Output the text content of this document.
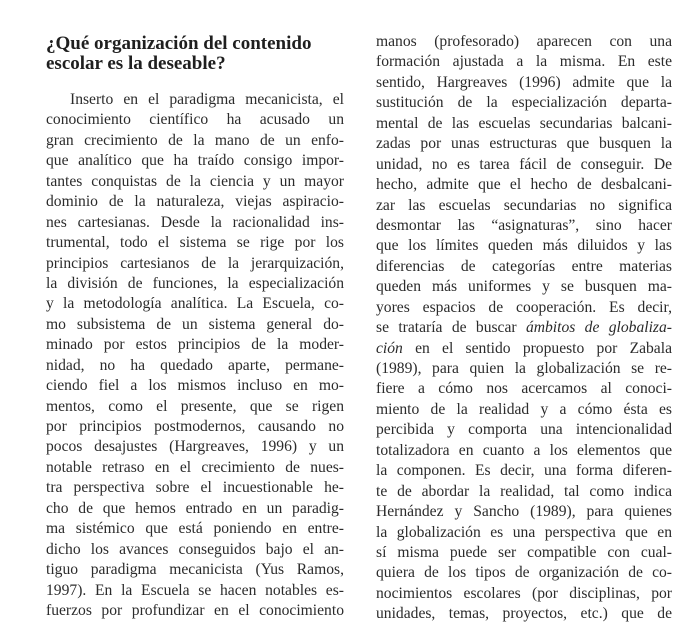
¿Qué organización del contenido
escolar es la deseable?
Inserto en el paradigma mecanicista, el
conocimiento científico ha acusado un
gran crecimiento de la mano de un enfo-
que analítico que ha traído consigo impor-
tantes conquistas de la ciencia y un mayor
dominio de la naturaleza, viejas aspiracio-
nes cartesianas. Desde la racionalidad ins-
trumental, todo el sistema se rige por los
principios cartesianos de la jerarquización,
la división de funciones, la especialización
y la metodología analítica. La Escuela, co-
mo subsistema de un sistema general do-
minado por estos principios de la moder-
nidad, no ha quedado aparte, permane-
ciendo fiel a los mismos incluso en mo-
mentos, como el presente, que se rigen
por principios postmodernos, causando no
pocos desajustes (Hargreaves, 1996) y un
notable retraso en el crecimiento de nues-
tra perspectiva sobre el incuestionable he-
cho de que hemos entrado en un paradig-
ma sistémico que está poniendo en entre-
dicho los avances conseguidos bajo el an-
tiguo paradigma mecanicista (Yus Ramos,
1997). En la Escuela se hacen notables es-
fuerzos por profundizar en el conocimiento
manos (profesorado) aparecen con una
formación ajustada a la misma. En este
sentido, Hargreaves (1996) admite que la
sustitución de la especialización departa-
mental de las escuelas secundarias balcani-
zadas por unas estructuras que busquen la
unidad, no es tarea fácil de conseguir. De
hecho, admite que el hecho de desbalcani-
zar las escuelas secundarias no significa
desmontar las “asignaturas”, sino hacer
que los límites queden más diluidos y las
diferencias de categorías entre materias
queden más uniformes y se busquen ma-
yores espacios de cooperación. Es decir,
se trataría de buscar ámbitos de globaliza-
ción en el sentido propuesto por Zabala
(1989), para quien la globalización se re-
fiere a cómo nos acercamos al conoci-
miento de la realidad y a cómo ésta es
percibida y comporta una intencionalidad
totalizadora en cuanto a los elementos que
la componen. Es decir, una forma diferen-
te de abordar la realidad, tal como indica
Hernández y Sancho (1989), para quienes
la globalización es una perspectiva que en
sí misma puede ser compatible con cual-
quiera de los tipos de organización de co-
nocimientos escolares (por disciplinas, por
unidades, temas, proyectos, etc.) que de
